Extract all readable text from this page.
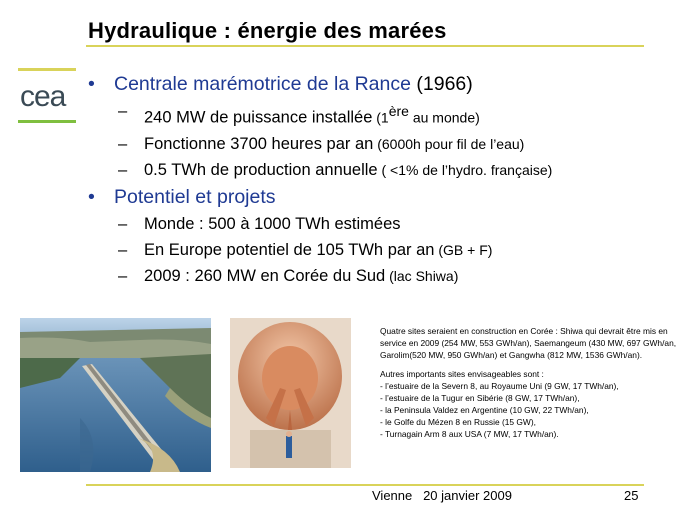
Hydraulique : énergie des marées
cea • Centrale marémotrice de la Rance (1966)
– 240 MW de puissance installée (1ère au monde)
– Fonctionne 3700 heures par an (6000h pour fil de l’eau)
– 0.5 TWh de production annuelle ( <1% de l’hydro. française)
• Potentiel et projets
– Monde : 500 à 1000 TWh estimées
– En Europe potentiel de 105 TWh par an (GB + F)
– 2009 : 260 MW en Corée du Sud (lac Shiwa)

Quatre sites seraient en construction en Corée : Shiwa qui devrait être mis en service en 2009 (254 MW, 553 GWh/an), Saemangeum (430 MW, 697 GWh/an, Garolim(520 MW, 950 GWh/an) et Gangwha (812 MW, 1536 GWh/an).

Autres importants sites envisageables sont :

- l’estuaire de la Severn 8, au Royaume Uni (9 GW, 17 TWh/an),
- l’estuaire de la Tugur en Sibérie (8 GW, 17 TWh/an),
- la Peninsula Valdez en Argentine (10 GW, 22 TWh/an),
- le Golfe du Mézen 8 en Russie (15 GW),
- Turnagain Arm 8 aux USA (7 MW, 17 TWh/an).
Vienne   20 janvier 2009	25
